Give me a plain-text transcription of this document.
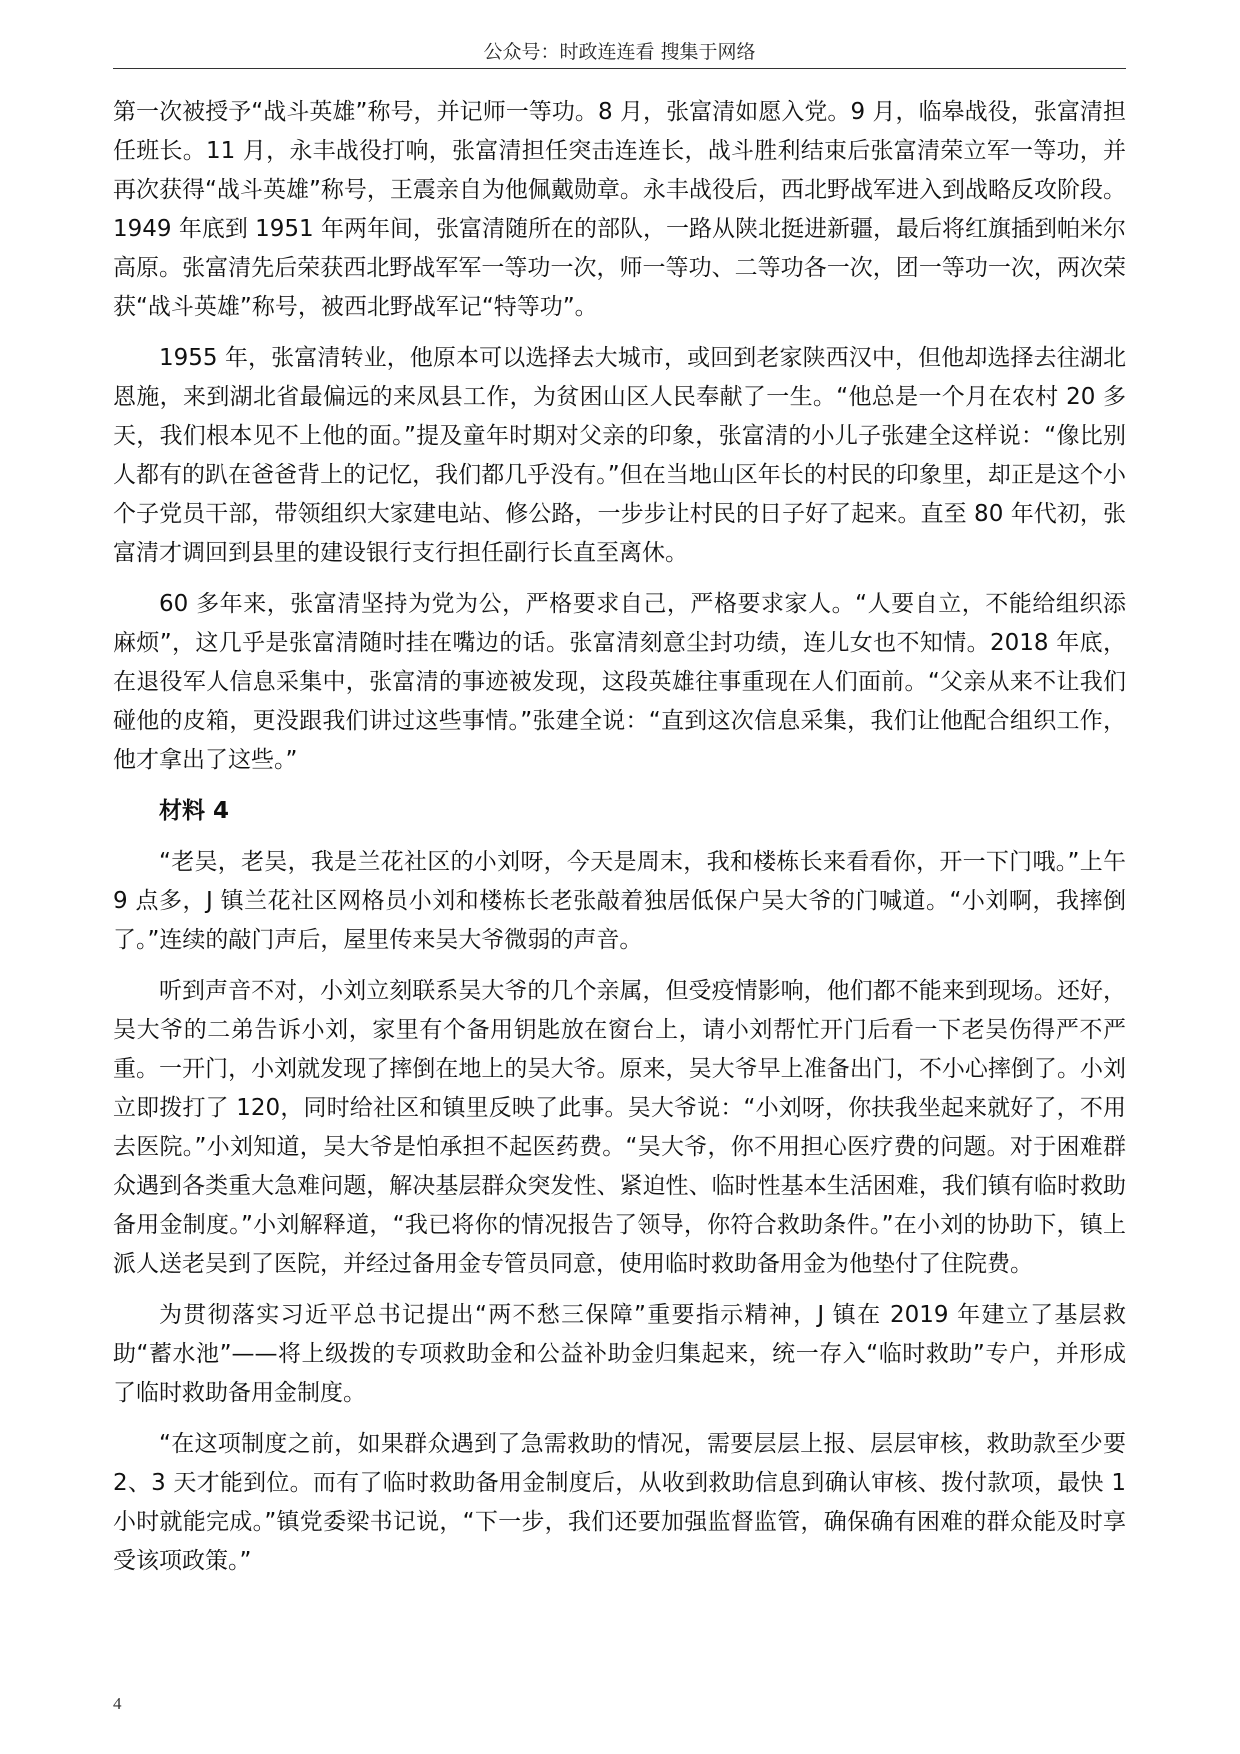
公众号：时政连连看 搜集于网络

第一次被授予“战斗英雄”称号，并记师一等功。8 月，张富清如愿入党。9 月，临皋战役，张富清担任班长。11 月，永丰战役打响，张富清担任突击连连长，战斗胜利结束后张富清荣立军一等功，并再次获得“战斗英雄”称号，王震亲自为他佩戴勋章。永丰战役后，西北野战军进入到战略反攻阶段。1949 年底到 1951 年两年间，张富清随所在的部队，一路从陕北挺进新疆，最后将红旗插到帕米尔高原。张富清先后荣获西北野战军军一等功一次，师一等功、二等功各一次，团一等功一次，两次荣获“战斗英雄”称号，被西北野战军记“特等功”。

1955 年，张富清转业，他原本可以选择去大城市，或回到老家陕西汉中，但他却选择去往湖北恩施，来到湖北省最偏远的来凤县工作，为贫困山区人民奉献了一生。“他总是一个月在农村 20 多天，我们根本见不上他的面。”提及童年时期对父亲的印象，张富清的小儿子张建全这样说：“像比别人都有的趴在爸爸背上的记忆，我们都几乎没有。”但在当地山区年长的村民的印象里，却正是这个小个子党员干部，带领组织大家建电站、修公路，一步步让村民的日子好了起来。直至 80 年代初，张富清才调回到县里的建设银行支行担任副行长直至离休。

60 多年来，张富清坚持为党为公，严格要求自己，严格要求家人。“人要自立，不能给组织添麻烦”，这几乎是张富清随时挂在嘴边的话。张富清刻意尘封功绩，连儿女也不知情。2018 年底，在退役军人信息采集中，张富清的事迹被发现，这段英雄往事重现在人们面前。“父亲从来不让我们碰他的皮箱，更没跟我们讲过这些事情。”张建全说：“直到这次信息采集，我们让他配合组织工作，他才拿出了这些。”

材料 4

“老吴，老吴，我是兰花社区的小刘呀，今天是周末，我和楼栋长来看看你，开一下门哦。”上午 9 点多，J 镇兰花社区网格员小刘和楼栋长老张敲着独居低保户吴大爷的门喊道。“小刘啊，我摔倒了。”连续的敲门声后，屋里传来吴大爷微弱的声音。

听到声音不对，小刘立刻联系吴大爷的几个亲属，但受疫情影响，他们都不能来到现场。还好，吴大爷的二弟告诉小刘，家里有个备用钥匙放在窗台上，请小刘帮忙开门后看一下老吴伤得严不严重。一开门，小刘就发现了摔倒在地上的吴大爷。原来，吴大爷早上准备出门，不小心摔倒了。小刘立即拨打了 120，同时给社区和镇里反映了此事。吴大爷说：“小刘呀，你扶我坐起来就好了，不用去医院。”小刘知道，吴大爷是怕承担不起医药费。“吴大爷，你不用担心医疗费的问题。对于困难群众遇到各类重大急难问题，解决基层群众突发性、紧迫性、临时性基本生活困难，我们镇有临时救助备用金制度。”小刘解释道，“我已将你的情况报告了领导，你符合救助条件。”在小刘的协助下，镇上派人送老吴到了医院，并经过备用金专管员同意，使用临时救助备用金为他垫付了住院费。

为贯彻落实习近平总书记提出“两不愁三保障”重要指示精神，J 镇在 2019 年建立了基层救助“蓄水池”——将上级拨的专项救助金和公益补助金归集起来，统一存入“临时救助”专户，并形成了临时救助备用金制度。

“在这项制度之前，如果群众遇到了急需救助的情况，需要层层上报、层层审核，救助款至少要 2、3 天才能到位。而有了临时救助备用金制度后，从收到救助信息到确认审核、拨付款项，最快 1 小时就能完成。”镇党委梁书记说，“下一步，我们还要加强监督监管，确保确有困难的群众能及时享受该项政策。”

4
